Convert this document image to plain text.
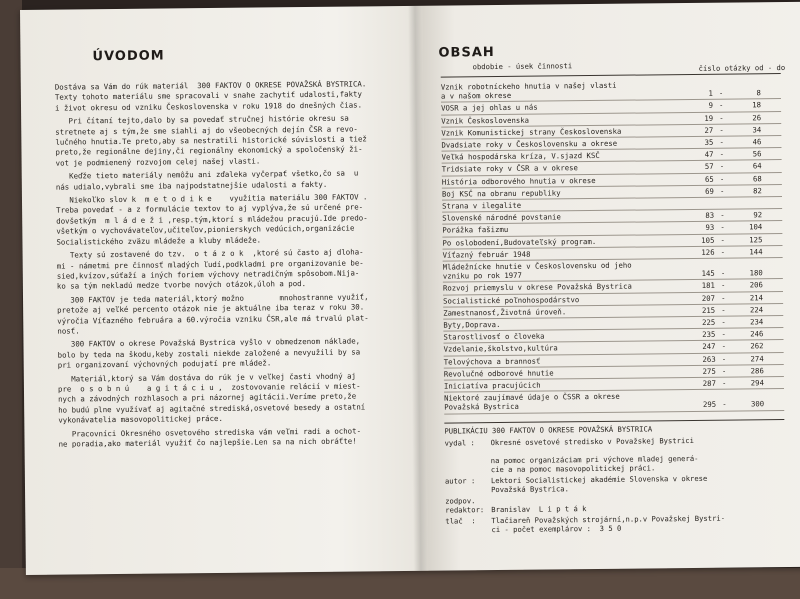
ÚVODOM
Dostáva sa Vám do rúk materiál  300 FAKTOV O OKRESE POVAŽSKÁ BYSTRICA.
Texty tohoto materiálu sme spracovali v snahe zachytiť udalosti,fakty
i život okresu od vzniku Československa v roku 1918 do dnešných čias.
Pri čítaní tejto,dalo by sa povedať stručnej histórie okresu sa
stretnete aj s tým,že sme siahli aj do všeobecných dejín ČSR a revo-
lučného hnutia.Te preto,aby sa nestratili historické súvislosti a tiež
preto,že regionálne dejiny,či regionálny ekonomický a spoločenský ži-
vot je podmienený rozvojom celej našej vlasti.
Keďže tieto materiály nemôžu ani zďaleka vyčerpať všetko,čo sa  u
nás udialo,vybrali sme iba najpodstatnejšie udalosti a fakty.
Niekoľko slov k  m e t o d i k e    využitia materiálu 300 FAKTOV .
Treba povedať - a z formulácie textov to aj vyplýva,že sú určené pre-
dovšetkým  m l á d e ž i ,resp.tým,ktorí s mládežou pracujú.Ide predo-
všetkým o vychovávateľov,učiteľov,pionierskych vedúcich,organizácie
Socialistického zväzu mládeže a kluby mládeže.
Texty sú zostavené do tzv.  o t á z o k  ,ktoré sú často aj dloha-
mi - námetmi pre činnosť mladých ľudí,podkladmi pre organizovanie be-
sied,kvízov,súťaží a iných foriem výchovy netradičným spôsobom.Nija-
ko sa tým nekladú medze tvorbe nových otázok,úloh a pod.
300 FAKTOV je teda materiál,ktorý možno        mnohostranne využiť,
pretože aj veľké percento otázok nie je aktuálne iba teraz v roku 30.
výročia Víťazného februára a 60.výročia vzniku ČSR,ale má trvalú plat-
nosť.
300 FAKTOV o okrese Považská Bystrica vyšlo v obmedzenom náklade,
bolo by teda na škodu,keby zostali niekde založené a nevyužili by sa
pri organizovaní výchovných podujatí pre mládež.
Materiál,ktorý sa Vám dostáva do rúk je v veľkej časti vhodný aj
pre  o s o b n ú    a g i t á c i u ,  zostovovanie relácií v miest-
nych a závodných rozhlasoch a pri názornej agitácii.Veríme preto,že
ho budú plne využívať aj agitačné strediská,osvetové besedy a ostatní
vykonávatelia masovopolitickej práce.
Pracovníci Okresného osvetového strediska vám veľmi radi a ochot-
ne poradia,ako materiál využiť čo najlepšie.Len sa na nich obráťte!
OBSAH
obdobie - úsek činnosti	číslo otázky od - do
Vznik robotníckeho hnutia v našej vlasti
a v našom okrese	1 -	8
VOSR a jej ohlas u nás	9 -	18
Vznik Československa	19 -	26
Vznik Komunistickej strany Československa	27 -	34
Dvadsiate roky v Československu a okrese	35 -	46
Veľká hospodárska kríza, V.sjazd KSČ	47 -	56
Tridsiate roky v ČSR a v okrese	57 -	64
História odborového hnutia v okrese	65 -	68
Boj KSČ na obranu republiky	69 -	82
Strana v ilegalite
Slovenské národné povstanie	83 -	92
Porážka fašizmu	93 -	104
Po oslobodení,Budovateľský program.	105 -	125
Víťazný február 1948	126 -	144
Mládežnícke hnutie v Československu od jeho
vzniku po rok 1977	145 -	180
Rozvoj priemyslu v okrese Považská Bystrica	181 -	206
Socialistické poľnohospodárstvo	207 -	214
Zamestnanosť,Životná úroveň.	215 -	224
Byty,Doprava.	225 -	234
Starostlivosť o človeka	235 -	246
Vzdelanie,školstvo,kultúra	247 -	262
Telovýchova a brannosť	263 -	274
Revolučné odborové hnutie	275 -	286
Iniciatíva pracujúcich	287 -	294
Niektoré zaujímavé údaje o ČSSR a okrese
Považská Bystrica	295 -	300
PUBLIKÁCIU 300 FAKTOV O OKRESE POVAŽSKÁ BYSTRICA
vydal : Okresné osvetové stredisko v Považskej Bystrici

na pomoc organizáciam pri výchove mladej generá-
cie a na pomoc masovopolitickej práci.
autor : Lektori Socialistickej akadémie Slovenska v okrese
Považská Bystrica.
zodpov.
redaktor: Branislav  L i p t á k
tlač  : Tlačiareň Považských strojární,n.p.v Považskej Bystri-
ci - počet exemplárov :  3 5 0
